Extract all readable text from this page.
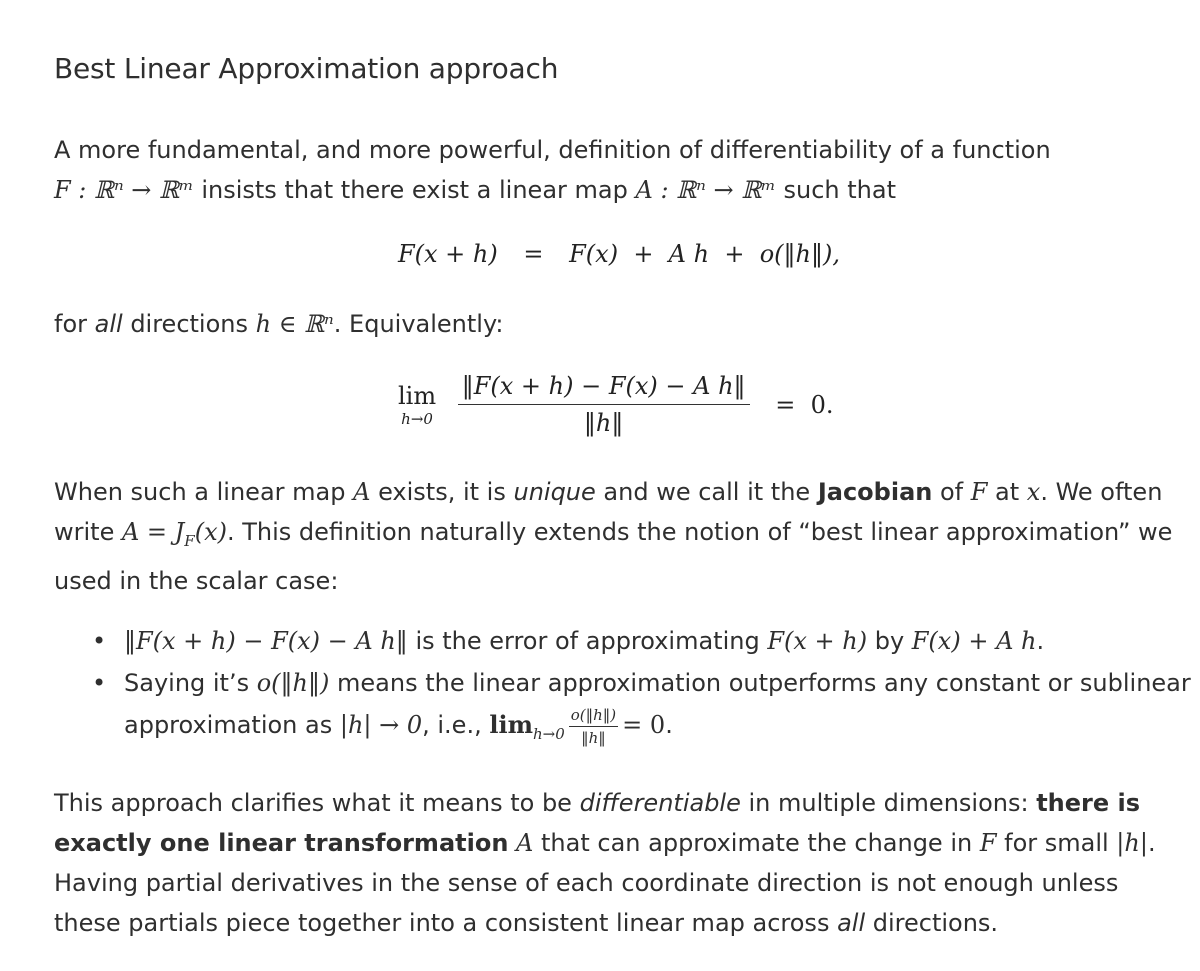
Best Linear Approximation approach
A more fundamental, and more powerful, definition of differentiability of a function
F : ℝⁿ → ℝᵐ insists that there exist a linear map A : ℝⁿ → ℝᵐ such that
F(x + h) = F(x)  +  A h  +  o(‖h‖),
for all directions h ∈ ℝⁿ. Equivalently:
lim
h→0
$\frac{\text{‖F(x + h) − F(x) − A h‖}}{‖h‖} = 0$.
When such a linear map A exists, it is unique and we call it the Jacobian of F at x. We often write $A = J_F(x)$. This definition naturally extends the notion of “best linear approximation” we used in the scalar case:
• ‖F(x + h) − F(x) − A h‖ is the error of approximating F(x + h) by F(x) + A h.
• Saying it’s o(‖h‖) means the linear approximation outperforms any constant or sublinear approximation as |h| → 0, i.e., $\lim_{h\to 0} \frac{o(‖h‖)}{‖h‖} = 0$.
This approach clarifies what it means to be differentiable in multiple dimensions: there is exactly one linear transformation A that can approximate the change in F for small |h|. Having partial derivatives in the sense of each coordinate direction is not enough unless these partials piece together into a consistent linear map across all directions.
